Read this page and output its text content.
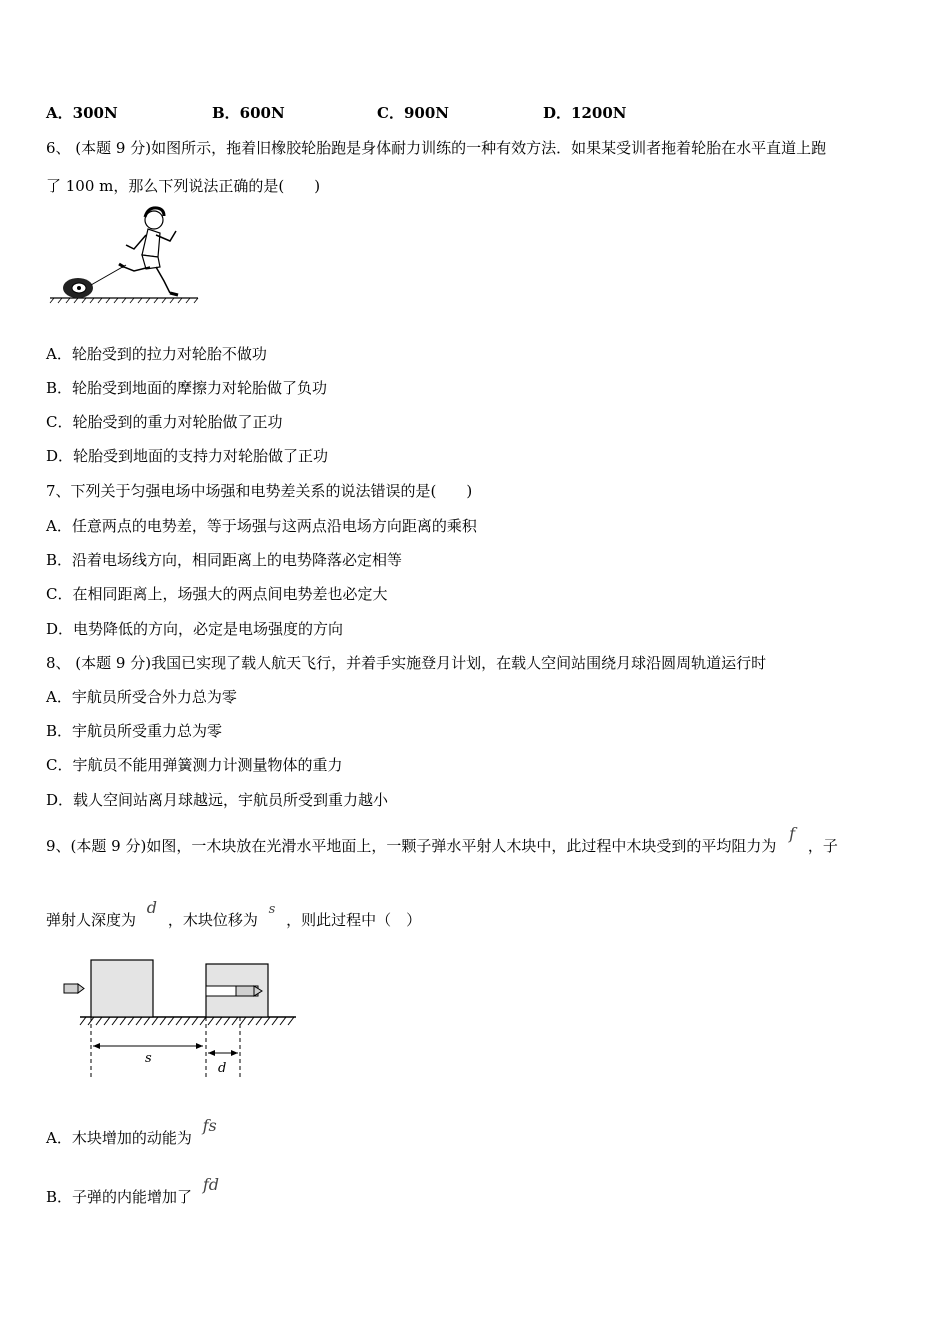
A．300N	B．600N	C．900N	D．1200N
6、 (本题 9 分)如图所示，拖着旧橡胶轮胎跑是身体耐力训练的一种有效方法．如果某受训者拖着轮胎在水平直道上跑
了 100 m，那么下列说法正确的是(　　)
A．轮胎受到的拉力对轮胎不做功
B．轮胎受到地面的摩擦力对轮胎做了负功
C．轮胎受到的重力对轮胎做了正功
D．轮胎受到地面的支持力对轮胎做了正功
7、下列关于匀强电场中场强和电势差关系的说法错误的是(　　)
A．任意两点的电势差，等于场强与这两点沿电场方向距离的乘积
B．沿着电场线方向，相同距离上的电势降落必定相等
C．在相同距离上，场强大的两点间电势差也必定大
D．电势降低的方向，必定是电场强度的方向
8、 (本题 9 分)我国已实现了载人航天飞行，并着手实施登月计划，在载人空间站围绕月球沿圆周轨道运行时
A．宇航员所受合外力总为零
B．宇航员所受重力总为零
C．宇航员不能用弹簧测力计测量物体的重力
D．载人空间站离月球越远，宇航员所受到重力越小
9、(本题 9 分)如图，一木块放在光滑水平地面上，一颗子弹水平射人木块中，此过程中木块受到的平均阻力为 f ，子
弹射人深度为 d ，木块位移为 s ，则此过程中（　）
s
d
A．木块增加的动能为 fs
B．子弹的内能增加了 fd
